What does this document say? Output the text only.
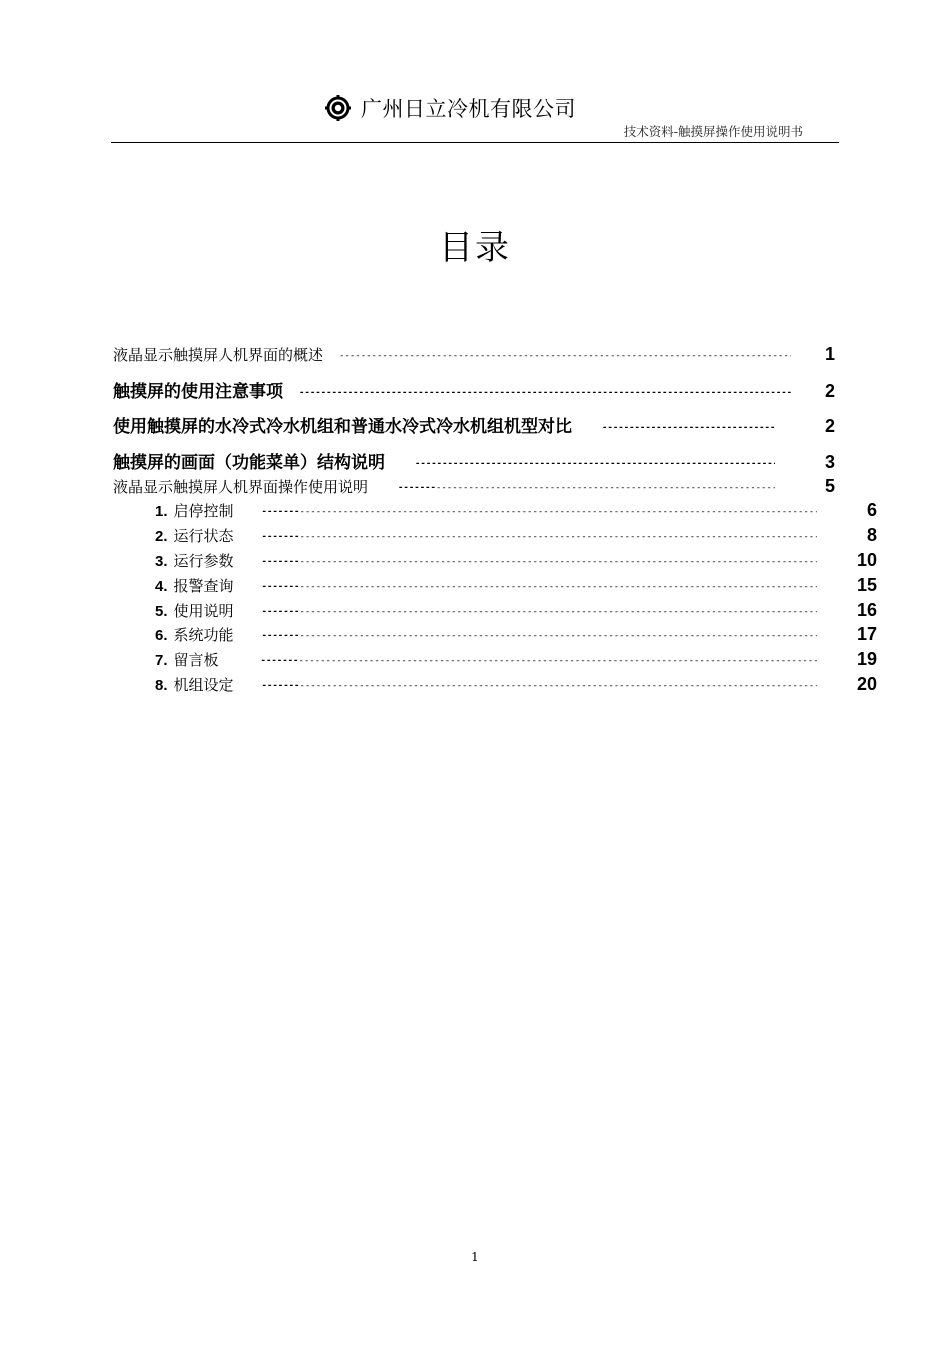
广州日立冷机有限公司
技术资料-触摸屏操作使用说明书
目录
液晶显示触摸屏人机界面的概述 -----	1
触摸屏的使用注意事项 ----- -------	2
使用触摸屏的水冷式冷水机组和普通水冷式冷水机组机型对比	----- -------	2
触摸屏的画面（功能菜单）结构说明	----- -------	3
液晶显示触摸屏人机界面操作使用说明	----- -------	5
1. 启停控制	----- -------	6
2. 运行状态	----- -------	8
3. 运行参数	----- -------	10
4. 报警查询	----- -------	15
5. 使用说明	----- -------	16
6. 系统功能	----- -------	17
7. 留言板	----- -------	19
8. 机组设定	----- -------	20
1
